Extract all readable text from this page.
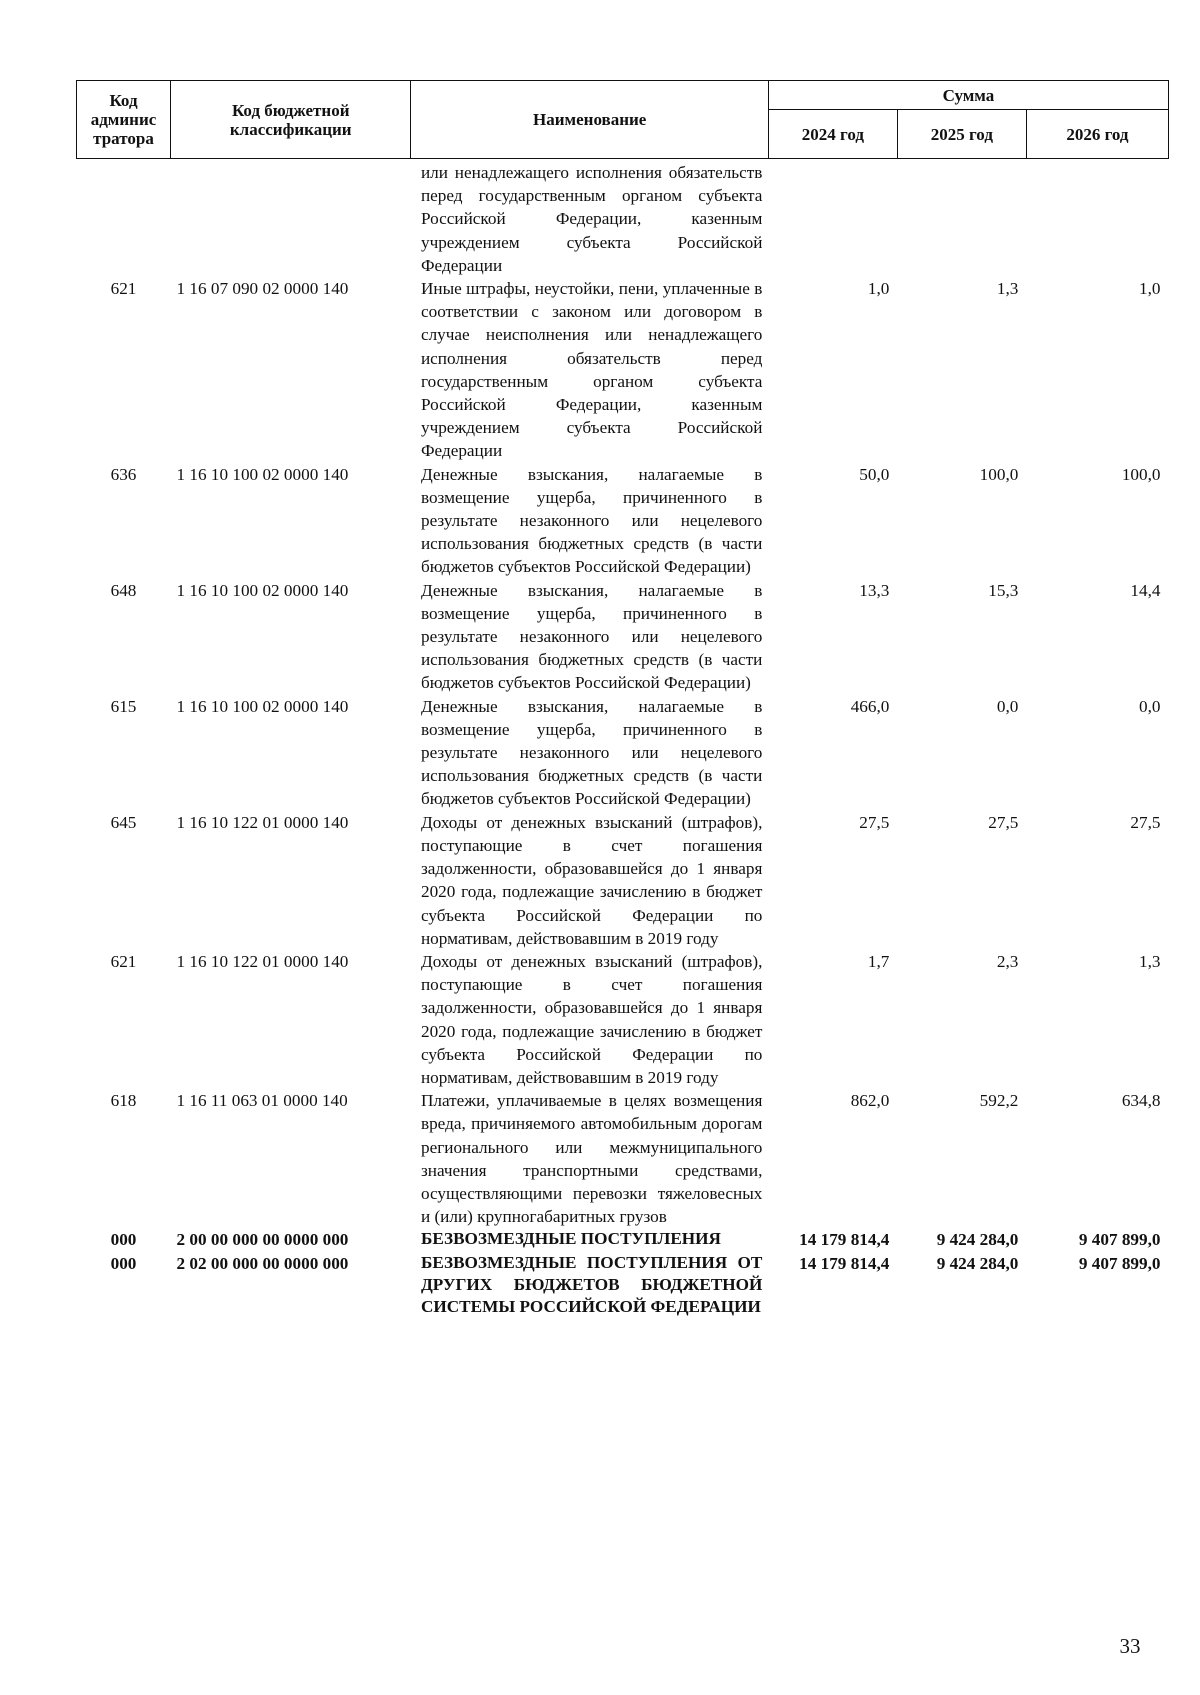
Код админис тратора	Код бюджетной классификации	Наименование	Сумма		
			2024 год	2025 год	2026 год
		или ненадлежащего исполнения обязательств перед государственным органом субъекта Российской Федерации, казенным учреждением субъекта Российской Федерации			
621	1 16 07 090 02 0000 140	Иные штрафы, неустойки, пени, уплаченные в соответствии с законом или договором в случае неисполнения или ненадлежащего исполнения обязательств перед государственным органом субъекта Российской Федерации, казенным учреждением субъекта Российской Федерации	1,0	1,3	1,0
636	1 16 10 100 02 0000 140	Денежные взыскания, налагаемые в возмещение ущерба, причиненного в результате незаконного или нецелевого использования бюджетных средств (в части бюджетов субъектов Российской Федерации)	50,0	100,0	100,0
648	1 16 10 100 02 0000 140	Денежные взыскания, налагаемые в возмещение ущерба, причиненного в результате незаконного или нецелевого использования бюджетных средств (в части бюджетов субъектов Российской Федерации)	13,3	15,3	14,4
615	1 16 10 100 02 0000 140	Денежные взыскания, налагаемые в возмещение ущерба, причиненного в результате незаконного или нецелевого использования бюджетных средств (в части бюджетов субъектов Российской Федерации)	466,0	0,0	0,0
645	1 16 10 122 01 0000 140	Доходы от денежных взысканий (штрафов), поступающие в счет погашения задолженности, образовавшейся до 1 января 2020 года, подлежащие зачислению в бюджет субъекта Российской Федерации по нормативам, действовавшим в 2019 году	27,5	27,5	27,5
621	1 16 10 122 01 0000 140	Доходы от денежных взысканий (штрафов), поступающие в счет погашения задолженности, образовавшейся до 1 января 2020 года, подлежащие зачислению в бюджет субъекта Российской Федерации по нормативам, действовавшим в 2019 году	1,7	2,3	1,3
618	1 16 11 063 01 0000 140	Платежи, уплачиваемые в целях возмещения вреда, причиняемого автомобильным дорогам регионального или межмуниципального значения транспортными средствами, осуществляющими перевозки тяжеловесных и (или) крупногабаритных грузов	862,0	592,2	634,8
000	2 00 00 000 00 0000 000	БЕЗВОЗМЕЗДНЫЕ ПОСТУПЛЕНИЯ	14 179 814,4	9 424 284,0	9 407 899,0
000	2 02 00 000 00 0000 000	БЕЗВОЗМЕЗДНЫЕ ПОСТУПЛЕНИЯ ОТ ДРУГИХ БЮДЖЕТОВ БЮДЖЕТНОЙ СИСТЕМЫ РОССИЙСКОЙ ФЕДЕРАЦИИ	14 179 814,4	9 424 284,0	9 407 899,0
33
